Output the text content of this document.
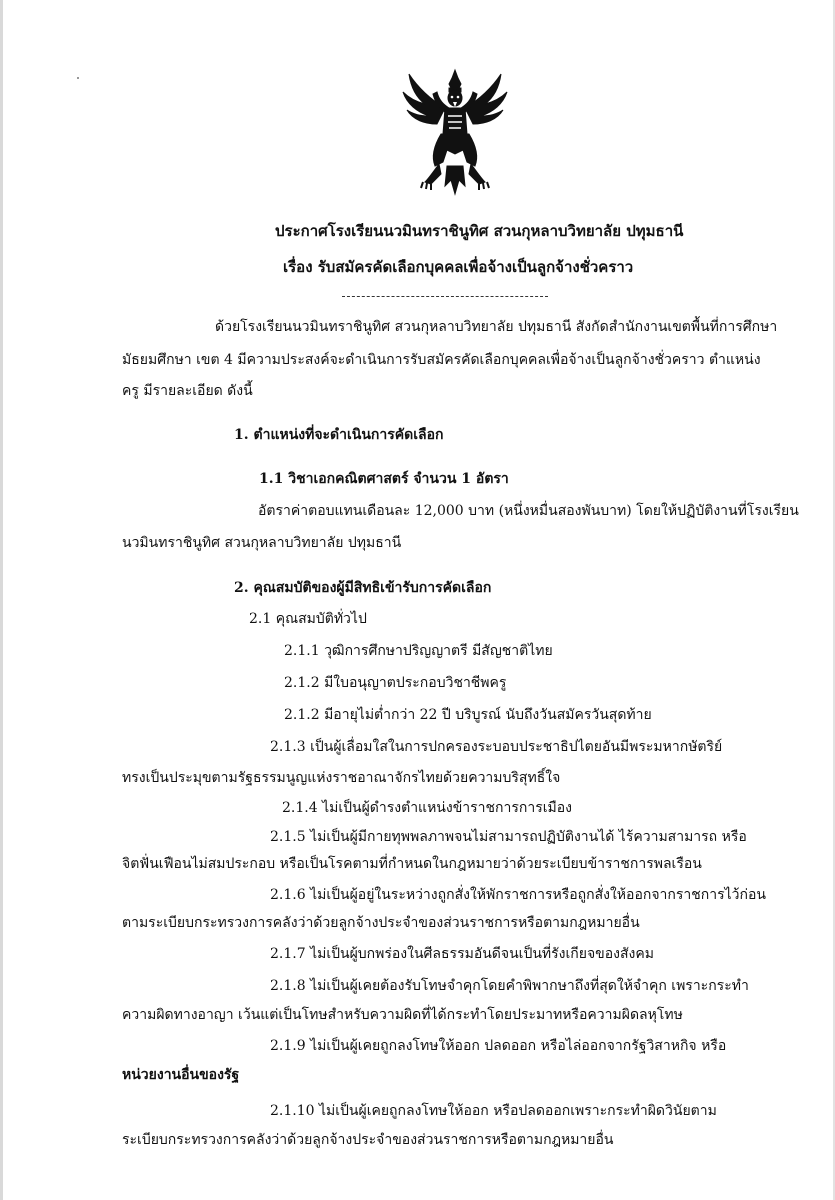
ประกาศโรงเรียนนวมินทราชินูทิศ สวนกุหลาบวิทยาลัย ปทุมธานี
เรื่อง รับสมัครคัดเลือกบุคคลเพื่อจ้างเป็นลูกจ้างชั่วคราว
ด้วยโรงเรียนนวมินทราชินูทิศ สวนกุหลาบวิทยาลัย ปทุมธานี สังกัดสำนักงานเขตพื้นที่การศึกษา
มัธยมศึกษา เขต 4 มีความประสงค์จะดำเนินการรับสมัครคัดเลือกบุคคลเพื่อจ้างเป็นลูกจ้างชั่วคราว ตำแหน่ง
ครู มีรายละเอียด ดังนี้
1. ตำแหน่งที่จะดำเนินการคัดเลือก
1.1 วิชาเอกคณิตศาสตร์ จำนวน 1 อัตรา
อัตราค่าตอบแทนเดือนละ 12,000 บาท (หนึ่งหมื่นสองพันบาท) โดยให้ปฏิบัติงานที่โรงเรียน
นวมินทราชินูทิศ สวนกุหลาบวิทยาลัย ปทุมธานี
2. คุณสมบัติของผู้มีสิทธิเข้ารับการคัดเลือก
2.1 คุณสมบัติทั่วไป
2.1.1 วุฒิการศึกษาปริญญาตรี มีสัญชาติไทย
2.1.2 มีใบอนุญาตประกอบวิชาชีพครู
2.1.2 มีอายุไม่ต่ำกว่า 22 ปี บริบูรณ์ นับถึงวันสมัครวันสุดท้าย
2.1.3 เป็นผู้เลื่อมใสในการปกครองระบอบประชาธิปไตยอันมีพระมหากษัตริย์
ทรงเป็นประมุขตามรัฐธรรมนูญแห่งราชอาณาจักรไทยด้วยความบริสุทธิ์ใจ
2.1.4 ไม่เป็นผู้ดำรงตำแหน่งข้าราชการการเมือง
2.1.5 ไม่เป็นผู้มีกายทุพพลภาพจนไม่สามารถปฏิบัติงานได้ ไร้ความสามารถ หรือ
จิตฟั่นเฟือนไม่สมประกอบ หรือเป็นโรคตามที่กำหนดในกฎหมายว่าด้วยระเบียบข้าราชการพลเรือน
2.1.6 ไม่เป็นผู้อยู่ในระหว่างถูกสั่งให้พักราชการหรือถูกสั่งให้ออกจากราชการไว้ก่อน
ตามระเบียบกระทรวงการคลังว่าด้วยลูกจ้างประจำของส่วนราชการหรือตามกฎหมายอื่น
2.1.7 ไม่เป็นผู้บกพร่องในศีลธรรมอันดีจนเป็นที่รังเกียจของสังคม
2.1.8 ไม่เป็นผู้เคยต้องรับโทษจำคุกโดยคำพิพากษาถึงที่สุดให้จำคุก เพราะกระทำ
ความผิดทางอาญา เว้นแต่เป็นโทษสำหรับความผิดที่ได้กระทำโดยประมาทหรือความผิดลหุโทษ
2.1.9 ไม่เป็นผู้เคยถูกลงโทษให้ออก ปลดออก หรือไล่ออกจากรัฐวิสาหกิจ หรือ
หน่วยงานอื่นของรัฐ
2.1.10 ไม่เป็นผู้เคยถูกลงโทษให้ออก หรือปลดออกเพราะกระทำผิดวินัยตาม
ระเบียบกระทรวงการคลังว่าด้วยลูกจ้างประจำของส่วนราชการหรือตามกฎหมายอื่น
